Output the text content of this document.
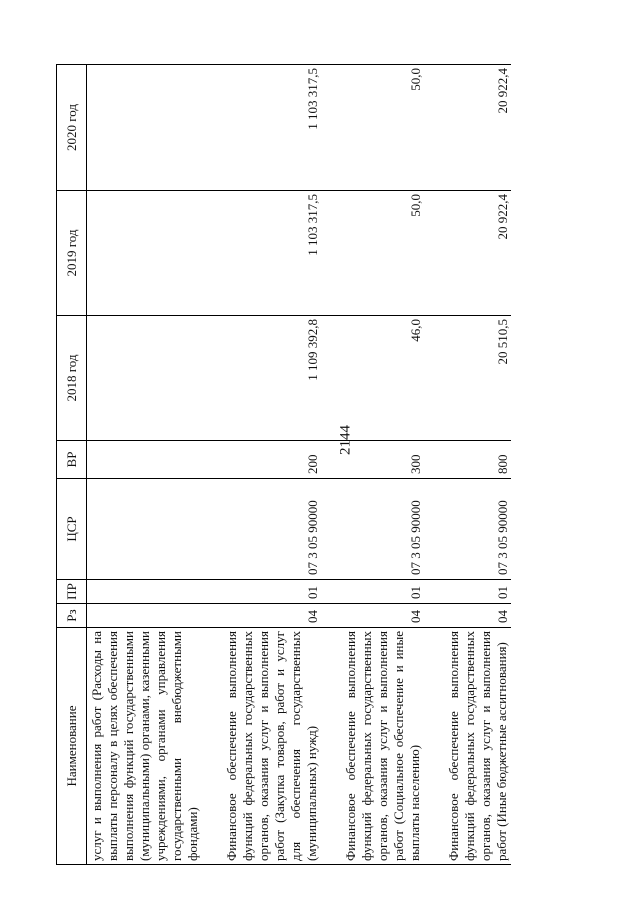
2144
Наименование	Рз	ПР	ЦСР	ВР	2018 год	2019 год	2020 год
услуг и выполнения работ (Расходы на выплаты персоналу в целях обеспечения выполнения функций государственными (муниципальными) органами, казенными учреждениями, органами управления государственными внебюджетными фондами)							
Финансовое обеспечение выполнения функций федеральных государственных органов, оказания услуг и выполнения работ (Закупка товаров, работ и услуг для обеспечения государственных (муниципальных) нужд)	04	01	07 3 05 90000	200	1 109 392,8	1 103 317,5	1 103 317,5
Финансовое обеспечение выполнения функций федеральных государственных органов, оказания услуг и выполнения работ (Социальное обеспечение и иные выплаты населению)	04	01	07 3 05 90000	300	46,0	50,0	50,0
Финансовое обеспечение выполнения функций федеральных государственных органов, оказания услуг и выполнения работ (Иные бюджетные ассигнования)	04	01	07 3 05 90000	800	20 510,5	20 922,4	20 922,4
